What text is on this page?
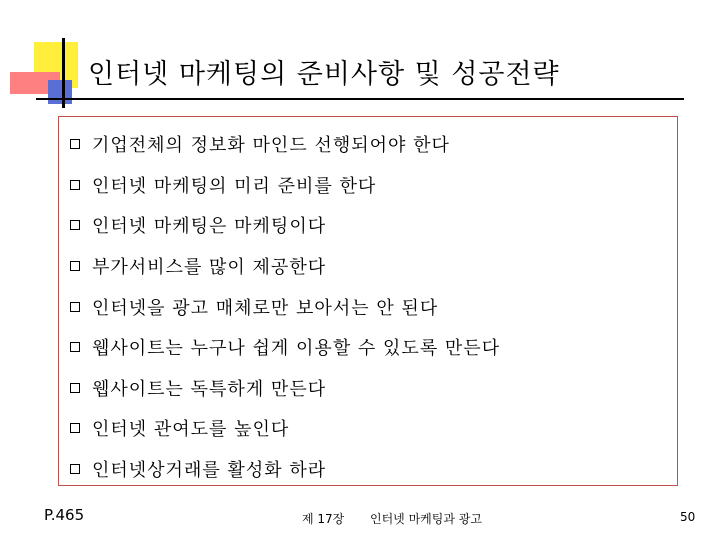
인터넷 마케팅의 준비사항 및 성공전략
기업전체의 정보화 마인드 선행되어야 한다
인터넷 마케팅의 미리 준비를 한다
인터넷 마케팅은 마케팅이다
부가서비스를 많이 제공한다
인터넷을 광고 매체로만 보아서는 안 된다
웹사이트는 누구나 쉽게 이용할 수 있도록 만든다
웹사이트는 독특하게 만든다
인터넷 관여도를 높인다
인터넷상거래를 활성화 하라
P.465	제 17장 인터넷 마케팅과 광고	50
